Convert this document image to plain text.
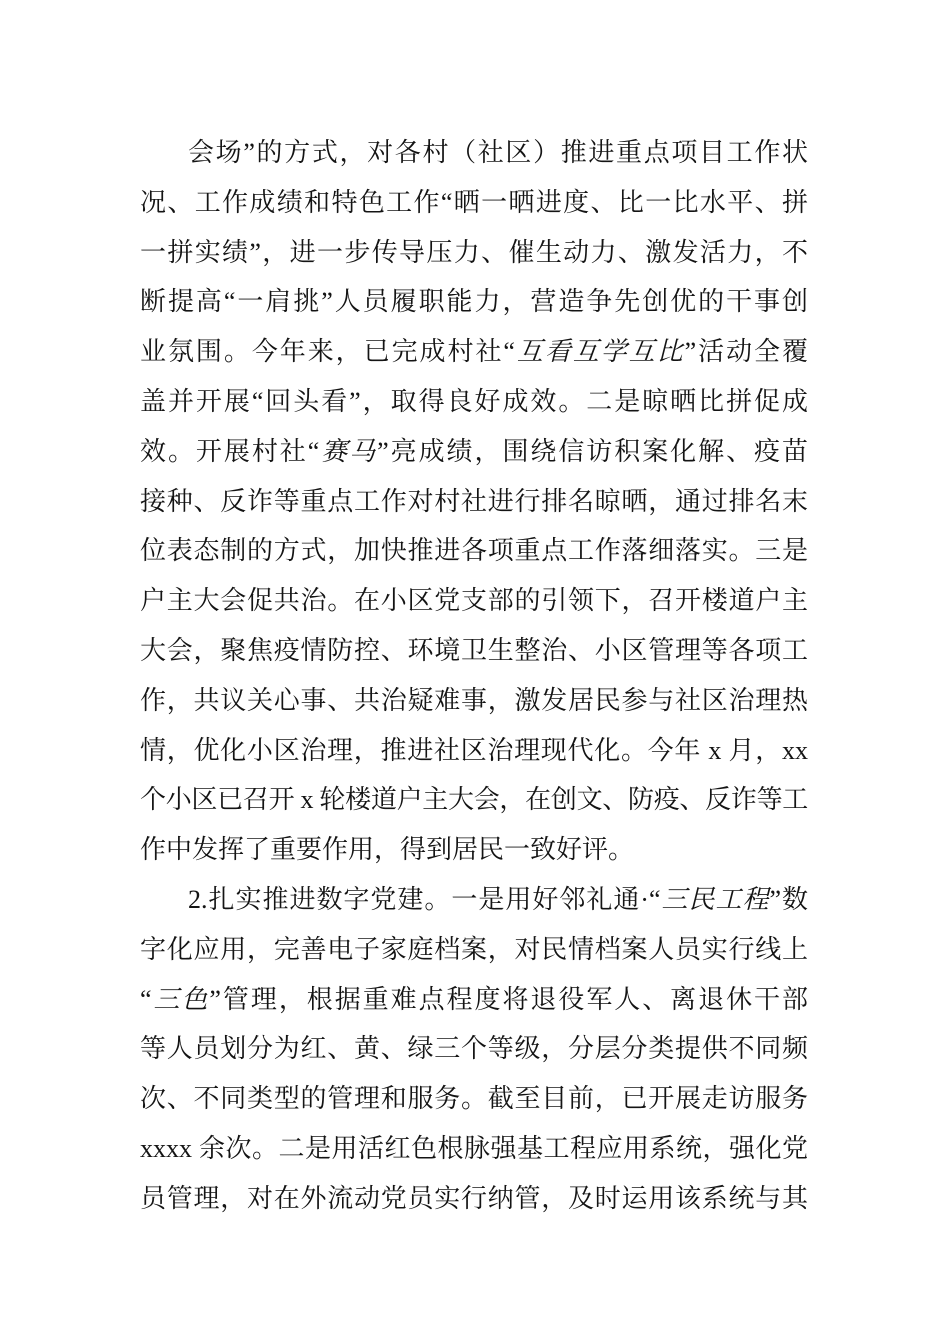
会场”的方式，对各村（社区）推进重点项目工作状
况、工作成绩和特色工作“晒一晒进度、比一比水平、拼
一拼实绩”，进一步传导压力、催生动力、激发活力，不
断提高“一肩挑”人员履职能力，营造争先创优的干事创
业氛围。今年来，已完成村社“互看互学互比”活动全覆
盖并开展“回头看”，取得良好成效。二是晾晒比拼促成
效。开展村社“赛马”亮成绩，围绕信访积案化解、疫苗
接种、反诈等重点工作对村社进行排名晾晒，通过排名末
位表态制的方式，加快推进各项重点工作落细落实。三是
户主大会促共治。在小区党支部的引领下，召开楼道户主
大会，聚焦疫情防控、环境卫生整治、小区管理等各项工
作，共议关心事、共治疑难事，激发居民参与社区治理热
情，优化小区治理，推进社区治理现代化。今年 x 月，xx
个小区已召开 x 轮楼道户主大会，在创文、防疫、反诈等工
作中发挥了重要作用，得到居民一致好评。
2.扎实推进数字党建。一是用好邻礼通·“三民工程”数
字化应用，完善电子家庭档案，对民情档案人员实行线上
“三色”管理，根据重难点程度将退役军人、离退休干部
等人员划分为红、黄、绿三个等级，分层分类提供不同频
次、不同类型的管理和服务。截至目前，已开展走访服务
xxxx 余次。二是用活红色根脉强基工程应用系统，强化党
员管理，对在外流动党员实行纳管，及时运用该系统与其
